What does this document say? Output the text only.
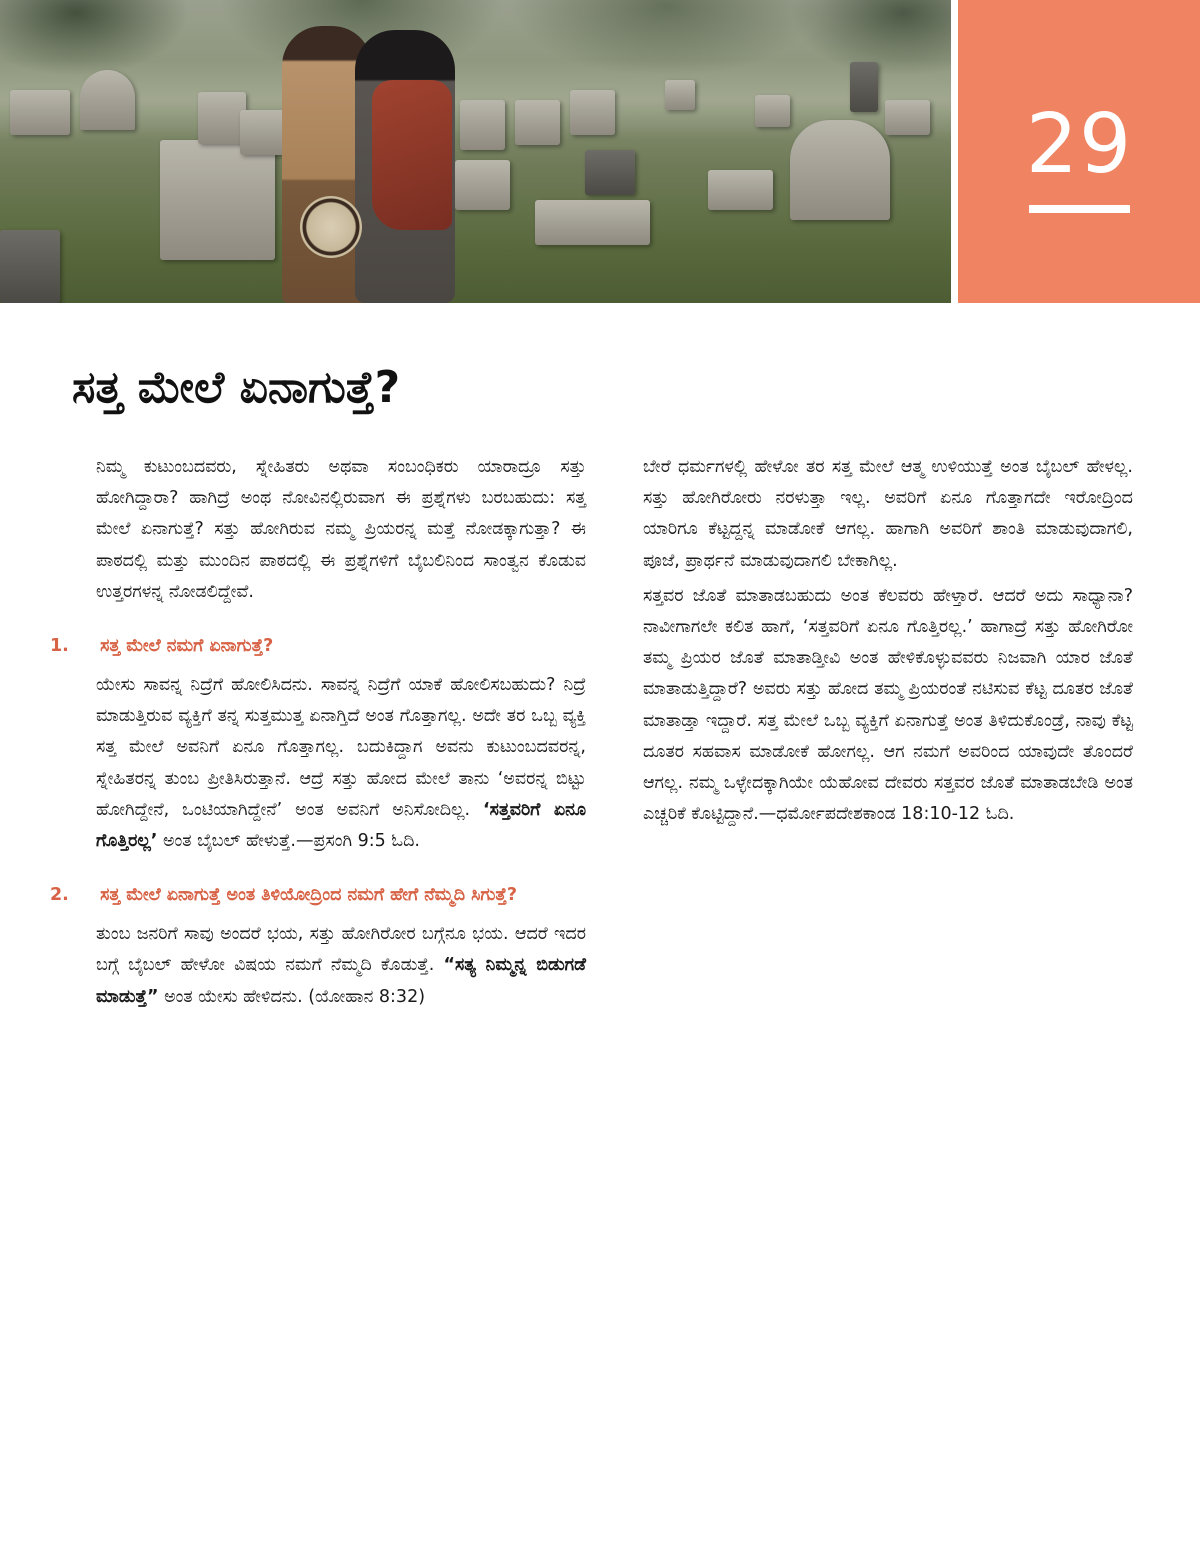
29
ಸತ್ತ ಮೇಲೆ ಏನಾಗುತ್ತೆ?

ನಿಮ್ಮ ಕುಟುಂಬದವರು, ಸ್ನೇಹಿತರು ಅಥವಾ ಸಂಬಂಧಿಕರು ಯಾರಾದ್ರೂ ಸತ್ತು ಹೋಗಿದ್ದಾರಾ? ಹಾಗಿದ್ರೆ ಅಂಥ ನೋವಿನಲ್ಲಿರುವಾಗ ಈ ಪ್ರಶ್ನೆಗಳು ಬರಬಹುದು: ಸತ್ತ ಮೇಲೆ ಏನಾಗುತ್ತೆ? ಸತ್ತು ಹೋಗಿರುವ ನಮ್ಮ ಪ್ರಿಯರನ್ನ ಮತ್ತೆ ನೋಡಕ್ಕಾಗುತ್ತಾ? ಈ ಪಾಠದಲ್ಲಿ ಮತ್ತು ಮುಂದಿನ ಪಾಠದಲ್ಲಿ ಈ ಪ್ರಶ್ನೆಗಳಿಗೆ ಬೈಬಲಿನಿಂದ ಸಾಂತ್ವನ ಕೊಡುವ ಉತ್ತರಗಳನ್ನ ನೋಡಲಿದ್ದೇವೆ.

1. ಸತ್ತ ಮೇಲೆ ನಮಗೆ ಏನಾಗುತ್ತೆ?

ಯೇಸು ಸಾವನ್ನ ನಿದ್ರೆಗೆ ಹೋಲಿಸಿದನು. ಸಾವನ್ನ ನಿದ್ರೆಗೆ ಯಾಕೆ ಹೋಲಿಸಬಹುದು? ನಿದ್ರೆ ಮಾಡುತ್ತಿರುವ ವ್ಯಕ್ತಿಗೆ ತನ್ನ ಸುತ್ತಮುತ್ತ ಏನಾಗ್ತಿದೆ ಅಂತ ಗೊತ್ತಾಗಲ್ಲ. ಅದೇ ತರ ಒಬ್ಬ ವ್ಯಕ್ತಿ ಸತ್ತ ಮೇಲೆ ಅವನಿಗೆ ಏನೂ ಗೊತ್ತಾಗಲ್ಲ. ಬದುಕಿದ್ದಾಗ ಅವನು ಕುಟುಂಬದವರನ್ನ, ಸ್ನೇಹಿತರನ್ನ ತುಂಬ ಪ್ರೀತಿಸಿರುತ್ತಾನೆ. ಆದ್ರೆ ಸತ್ತು ಹೋದ ಮೇಲೆ ತಾನು ‘ಅವರನ್ನ ಬಿಟ್ಟು ಹೋಗಿದ್ದೇನೆ, ಒಂಟಿಯಾಗಿದ್ದೇನೆ’ ಅಂತ ಅವನಿಗೆ ಅನಿಸೋದಿಲ್ಲ. ‘ಸತ್ತವರಿಗೆ ಏನೂ ಗೊತ್ತಿರಲ್ಲ’ ಅಂತ ಬೈಬಲ್ ಹೇಳುತ್ತೆ.—ಪ್ರಸಂಗಿ 9:5 ಓದಿ.

2. ಸತ್ತ ಮೇಲೆ ಏನಾಗುತ್ತೆ ಅಂತ ತಿಳಿಯೋದ್ರಿಂದ ನಮಗೆ ಹೇಗೆ ನೆಮ್ಮದಿ ಸಿಗುತ್ತೆ?

ತುಂಬ ಜನರಿಗೆ ಸಾವು ಅಂದರೆ ಭಯ, ಸತ್ತು ಹೋಗಿರೋರ ಬಗ್ಗೆನೂ ಭಯ. ಆದರೆ ಇದರ ಬಗ್ಗೆ ಬೈಬಲ್ ಹೇಳೋ ವಿಷಯ ನಮಗೆ ನೆಮ್ಮದಿ ಕೊಡುತ್ತೆ. “ಸತ್ಯ ನಿಮ್ಮನ್ನ ಬಿಡುಗಡೆ ಮಾಡುತ್ತೆ” ಅಂತ ಯೇಸು ಹೇಳಿದನು. (ಯೋಹಾನ 8:32)

ಬೇರೆ ಧರ್ಮಗಳಲ್ಲಿ ಹೇಳೋ ತರ ಸತ್ತ ಮೇಲೆ ಆತ್ಮ ಉಳಿಯುತ್ತೆ ಅಂತ ಬೈಬಲ್ ಹೇಳಲ್ಲ. ಸತ್ತು ಹೋಗಿರೋರು ನರಳುತ್ತಾ ಇಲ್ಲ. ಅವರಿಗೆ ಏನೂ ಗೊತ್ತಾಗದೇ ಇರೋದ್ರಿಂದ ಯಾರಿಗೂ ಕೆಟ್ಟದ್ದನ್ನ ಮಾಡೋಕೆ ಆಗಲ್ಲ. ಹಾಗಾಗಿ ಅವರಿಗೆ ಶಾಂತಿ ಮಾಡುವುದಾಗಲಿ, ಪೂಜೆ, ಪ್ರಾರ್ಥನೆ ಮಾಡುವುದಾಗಲಿ ಬೇಕಾಗಿಲ್ಲ.

ಸತ್ತವರ ಜೊತೆ ಮಾತಾಡಬಹುದು ಅಂತ ಕೆಲವರು ಹೇಳ್ತಾರೆ. ಆದರೆ ಅದು ಸಾಧ್ಯಾನಾ? ನಾವೀಗಾಗಲೇ ಕಲಿತ ಹಾಗೆ, ‘ಸತ್ತವರಿಗೆ ಏನೂ ಗೊತ್ತಿರಲ್ಲ.’ ಹಾಗಾದ್ರೆ ಸತ್ತು ಹೋಗಿರೋ ತಮ್ಮ ಪ್ರಿಯರ ಜೊತೆ ಮಾತಾಡ್ತೀವಿ ಅಂತ ಹೇಳಿಕೊಳ್ಳುವವರು ನಿಜವಾಗಿ ಯಾರ ಜೊತೆ ಮಾತಾಡುತ್ತಿದ್ದಾರೆ? ಅವರು ಸತ್ತು ಹೋದ ತಮ್ಮ ಪ್ರಿಯರಂತೆ ನಟಿಸುವ ಕೆಟ್ಟ ದೂತರ ಜೊತೆ ಮಾತಾಡ್ತಾ ಇದ್ದಾರೆ. ಸತ್ತ ಮೇಲೆ ಒಬ್ಬ ವ್ಯಕ್ತಿಗೆ ಏನಾಗುತ್ತೆ ಅಂತ ತಿಳಿದುಕೊಂಡ್ರೆ, ನಾವು ಕೆಟ್ಟ ದೂತರ ಸಹವಾಸ ಮಾಡೋಕೆ ಹೋಗಲ್ಲ. ಆಗ ನಮಗೆ ಅವರಿಂದ ಯಾವುದೇ ತೊಂದರೆ ಆಗಲ್ಲ. ನಮ್ಮ ಒಳ್ಳೇದಕ್ಕಾಗಿಯೇ ಯೆಹೋವ ದೇವರು ಸತ್ತವರ ಜೊತೆ ಮಾತಾಡಬೇಡಿ ಅಂತ ಎಚ್ಚರಿಕೆ ಕೊಟ್ಟಿದ್ದಾನೆ.—ಧರ್ಮೋಪದೇಶಕಾಂಡ 18:10-12 ಓದಿ.
